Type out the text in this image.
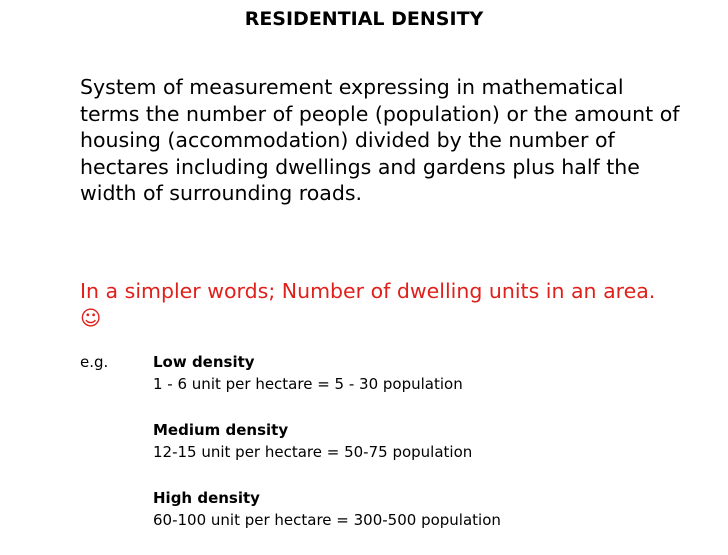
RESIDENTIAL DENSITY

System of measurement expressing in mathematical terms the number of people (population) or the amount of housing (accommodation) divided by the number of hectares including dwellings and gardens plus half the width of surrounding roads.

In a simpler words; Number of dwelling units in an area. ☺

e.g.	Low density
1 - 6 unit per hectare = 5 - 30 population
Medium density
12-15 unit per hectare = 50-75 population
High density
60-100 unit per hectare = 300-500 population
